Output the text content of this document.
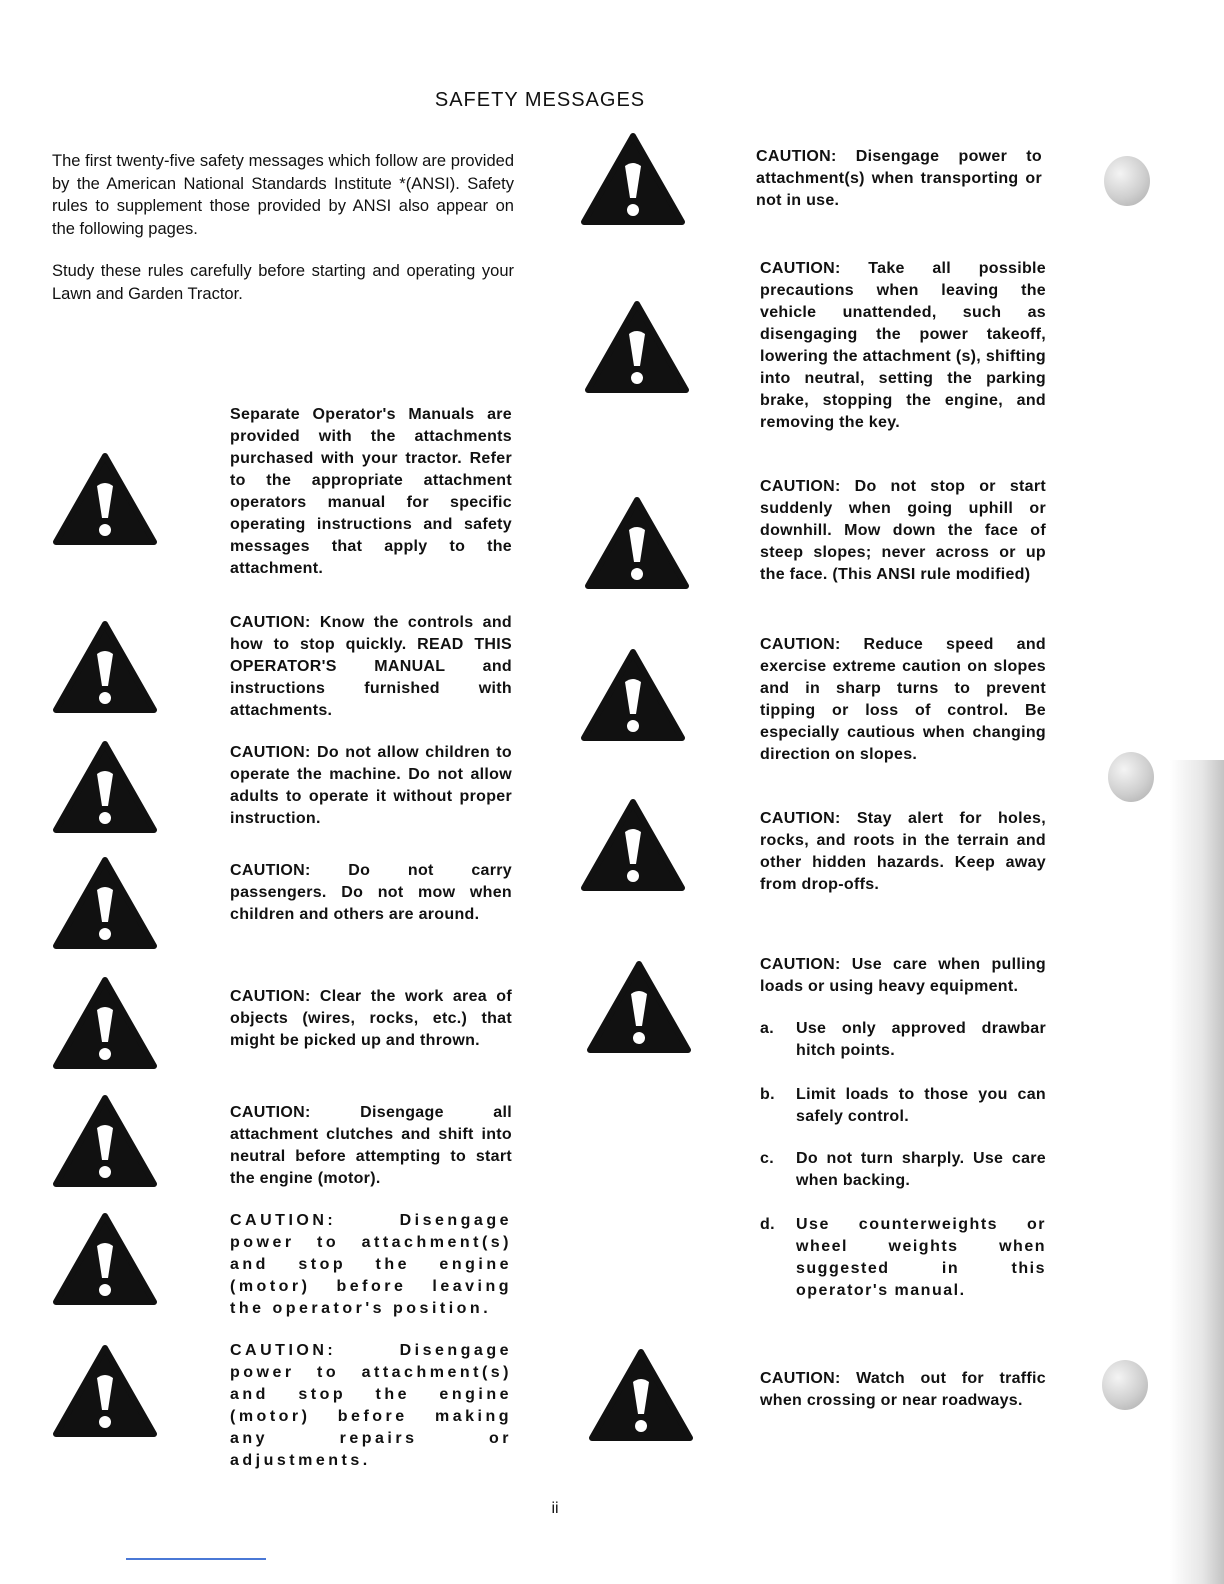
SAFETY MESSAGES

The first twenty-five safety messages which follow are provided by the American National Standards Institute *(ANSI). Safety rules to supplement those provided by ANSI also appear on the following pages.

Study these rules carefully before starting and operating your Lawn and Garden Tractor.

Separate Operator's Manuals are provided with the attachments purchased with your tractor. Refer to the appropriate attachment operators manual for specific operating instructions and safety messages that apply to the attachment.

CAUTION: Know the controls and how to stop quickly. READ THIS OPERATOR'S MANUAL and instructions furnished with attachments.

CAUTION: Do not allow children to operate the machine. Do not allow adults to operate it without proper instruction.

CAUTION: Do not carry passengers. Do not mow when children and others are around.

CAUTION: Clear the work area of objects (wires, rocks, etc.) that might be picked up and thrown.

CAUTION: Disengage all attachment clutches and shift into neutral before attempting to start the engine (motor).

CAUTION: Disengage power to attachment(s) and stop the engine (motor) before leaving the operator's position.

CAUTION: Disengage power to attachment(s) and stop the engine (motor) before making any repairs or adjustments.

CAUTION: Disengage power to attachment(s) when transporting or not in use.

CAUTION: Take all possible precautions when leaving the vehicle unattended, such as disengaging the power takeoff, lowering the attachment (s), shifting into neutral, setting the parking brake, stopping the engine, and removing the key.

CAUTION: Do not stop or start suddenly when going uphill or downhill. Mow down the face of steep slopes; never across or up the face. (This ANSI rule modified)

CAUTION: Reduce speed and exercise extreme caution on slopes and in sharp turns to prevent tipping or loss of control. Be especially cautious when changing direction on slopes.

CAUTION: Stay alert for holes, rocks, and roots in the terrain and other hidden hazards. Keep away from drop-offs.

CAUTION: Use care when pulling loads or using heavy equipment.

a.	Use only approved drawbar hitch points.
b.	Limit loads to those you can safely control.
c.	Do not turn sharply. Use care when backing.
d.	Use counterweights or wheel weights when suggested in this operator's manual.

CAUTION: Watch out for traffic when crossing or near roadways.

ii
